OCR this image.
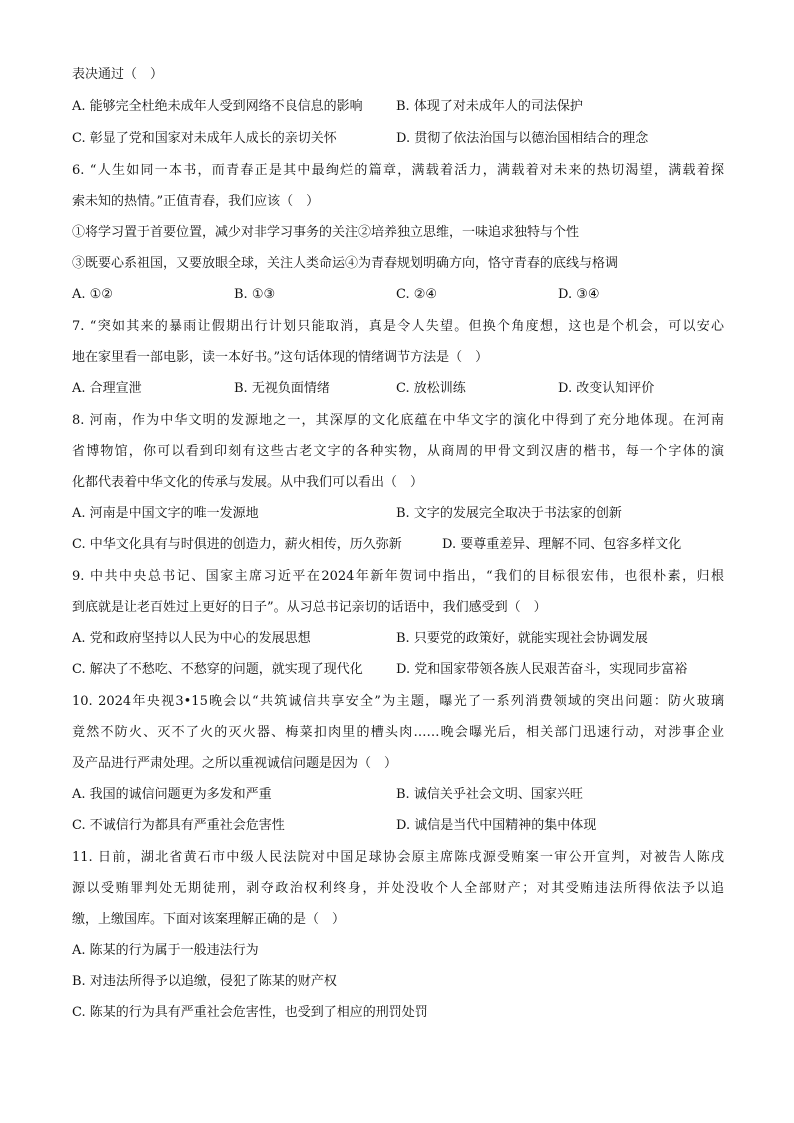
表决通过（　）
A. 能够完全杜绝未成年人受到网络不良信息的影响	B. 体现了对未成年人的司法保护
C. 彰显了党和国家对未成年人成长的亲切关怀	D. 贯彻了依法治国与以德治国相结合的理念
6. “人生如同一本书，而青春正是其中最绚烂的篇章，满载着活力，满载着对未来的热切渴望，满载着探
索未知的热情。”正值青春，我们应该（　）
①将学习置于首要位置，减少对非学习事务的关注②培养独立思维，一味追求独特与个性
③既要心系祖国，又要放眼全球，关注人类命运④为青春规划明确方向，恪守青春的底线与格调
A. ①②	B. ①③	C. ②④	D. ③④
7. “突如其来的暴雨让假期出行计划只能取消，真是令人失望。但换个角度想，这也是个机会，可以安心
地在家里看一部电影，读一本好书。”这句话体现的情绪调节方法是（　）
A. 合理宣泄	B. 无视负面情绪	C. 放松训练	D. 改变认知评价
8. 河南，作为中华文明的发源地之一，其深厚的文化底蕴在中华文字的演化中得到了充分地体现。在河南
省博物馆，你可以看到印刻有这些古老文字的各种实物，从商周的甲骨文到汉唐的楷书，每一个字体的演
化都代表着中华文化的传承与发展。从中我们可以看出（　）
A. 河南是中国文字的唯一发源地	B. 文字的发展完全取决于书法家的创新
C. 中华文化具有与时俱进的创造力，薪火相传，历久弥新	D. 要尊重差异、理解不同、包容多样文化
9. 中共中央总书记、国家主席习近平在2024年新年贺词中指出，“我们的目标很宏伟，也很朴素，归根
到底就是让老百姓过上更好的日子”。从习总书记亲切的话语中，我们感受到（　）
A. 党和政府坚持以人民为中心的发展思想	B. 只要党的政策好，就能实现社会协调发展
C. 解决了不愁吃、不愁穿的问题，就实现了现代化	D. 党和国家带领各族人民艰苦奋斗，实现同步富裕
10. 2024年央视3•15晚会以“共筑诚信共享安全”为主题，曝光了一系列消费领域的突出问题：防火玻璃
竟然不防火、灭不了火的灭火器、梅菜扣肉里的槽头肉……晚会曝光后，相关部门迅速行动，对涉事企业
及产品进行严肃处理。之所以重视诚信问题是因为（　）
A. 我国的诚信问题更为多发和严重	B. 诚信关乎社会文明、国家兴旺
C. 不诚信行为都具有严重社会危害性	D. 诚信是当代中国精神的集中体现
11. 日前，湖北省黄石市中级人民法院对中国足球协会原主席陈戌源受贿案一审公开宣判，对被告人陈戌
源以受贿罪判处无期徒刑，剥夺政治权利终身，并处没收个人全部财产；对其受贿违法所得依法予以追
缴，上缴国库。下面对该案理解正确的是（　）
A. 陈某的行为属于一般违法行为
B. 对违法所得予以追缴，侵犯了陈某的财产权
C. 陈某的行为具有严重社会危害性，也受到了相应的刑罚处罚
